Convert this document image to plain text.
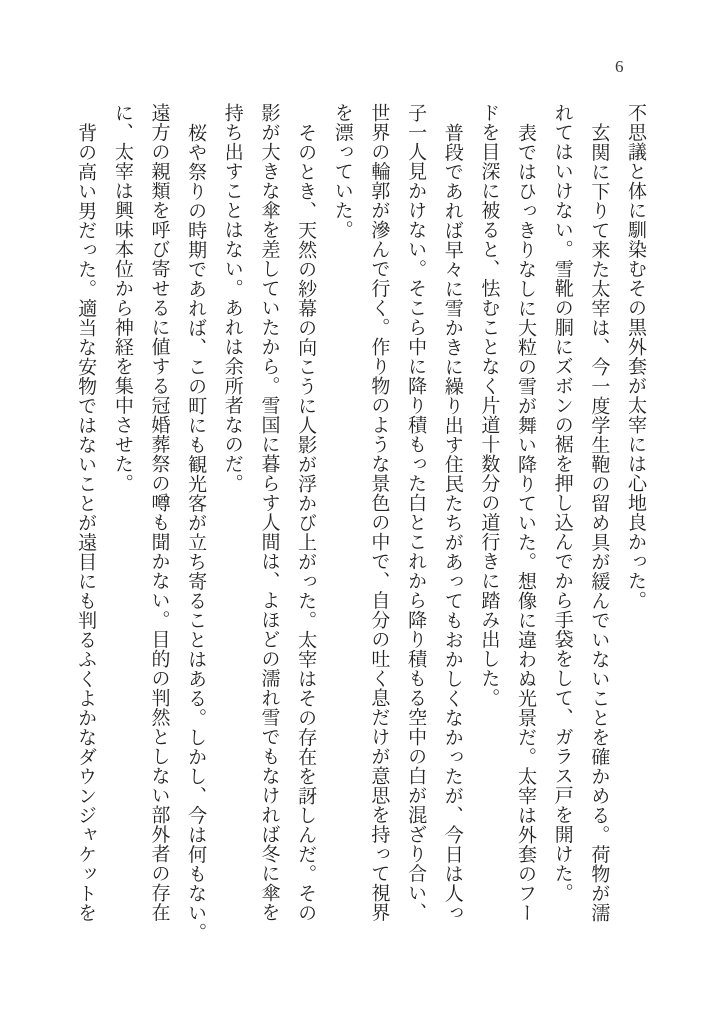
6
不思議と体に馴染むその黒外套が太宰には心地良かった。
玄関に下りて来た太宰は、今一度学生鞄の留め具が緩んでいないことを確かめる。荷物が濡
れてはいけない。雪靴の胴にズボンの裾を押し込んでから手袋をして、ガラス戸を開けた。
表ではひっきりなしに大粒の雪が舞い降りていた。想像に違わぬ光景だ。太宰は外套のフー
ドを目深に被ると、怯むことなく片道十数分の道行きに踏み出した。
普段であれば早々に雪かきに繰り出す住民たちがあってもおかしくなかったが、今日は人っ
子一人見かけない。そこら中に降り積もった白とこれから降り積もる空中の白が混ざり合い、
世界の輪郭が滲んで行く。作り物のような景色の中で、自分の吐く息だけが意思を持って視界
を漂っていた。
そのとき、天然の紗幕の向こうに人影が浮かび上がった。太宰はその存在を訝しんだ。その
影が大きな傘を差していたから。雪国に暮らす人間は、よほどの濡れ雪でもなければ冬に傘を
持ち出すことはない。あれは余所者なのだ。
桜や祭りの時期であれば、この町にも観光客が立ち寄ることはある。しかし、今は何もない。
遠方の親類を呼び寄せるに値する冠婚葬祭の噂も聞かない。目的の判然としない部外者の存在
に、太宰は興味本位から神経を集中させた。
背の高い男だった。適当な安物ではないことが遠目にも判るふくよかなダウンジャケットを
